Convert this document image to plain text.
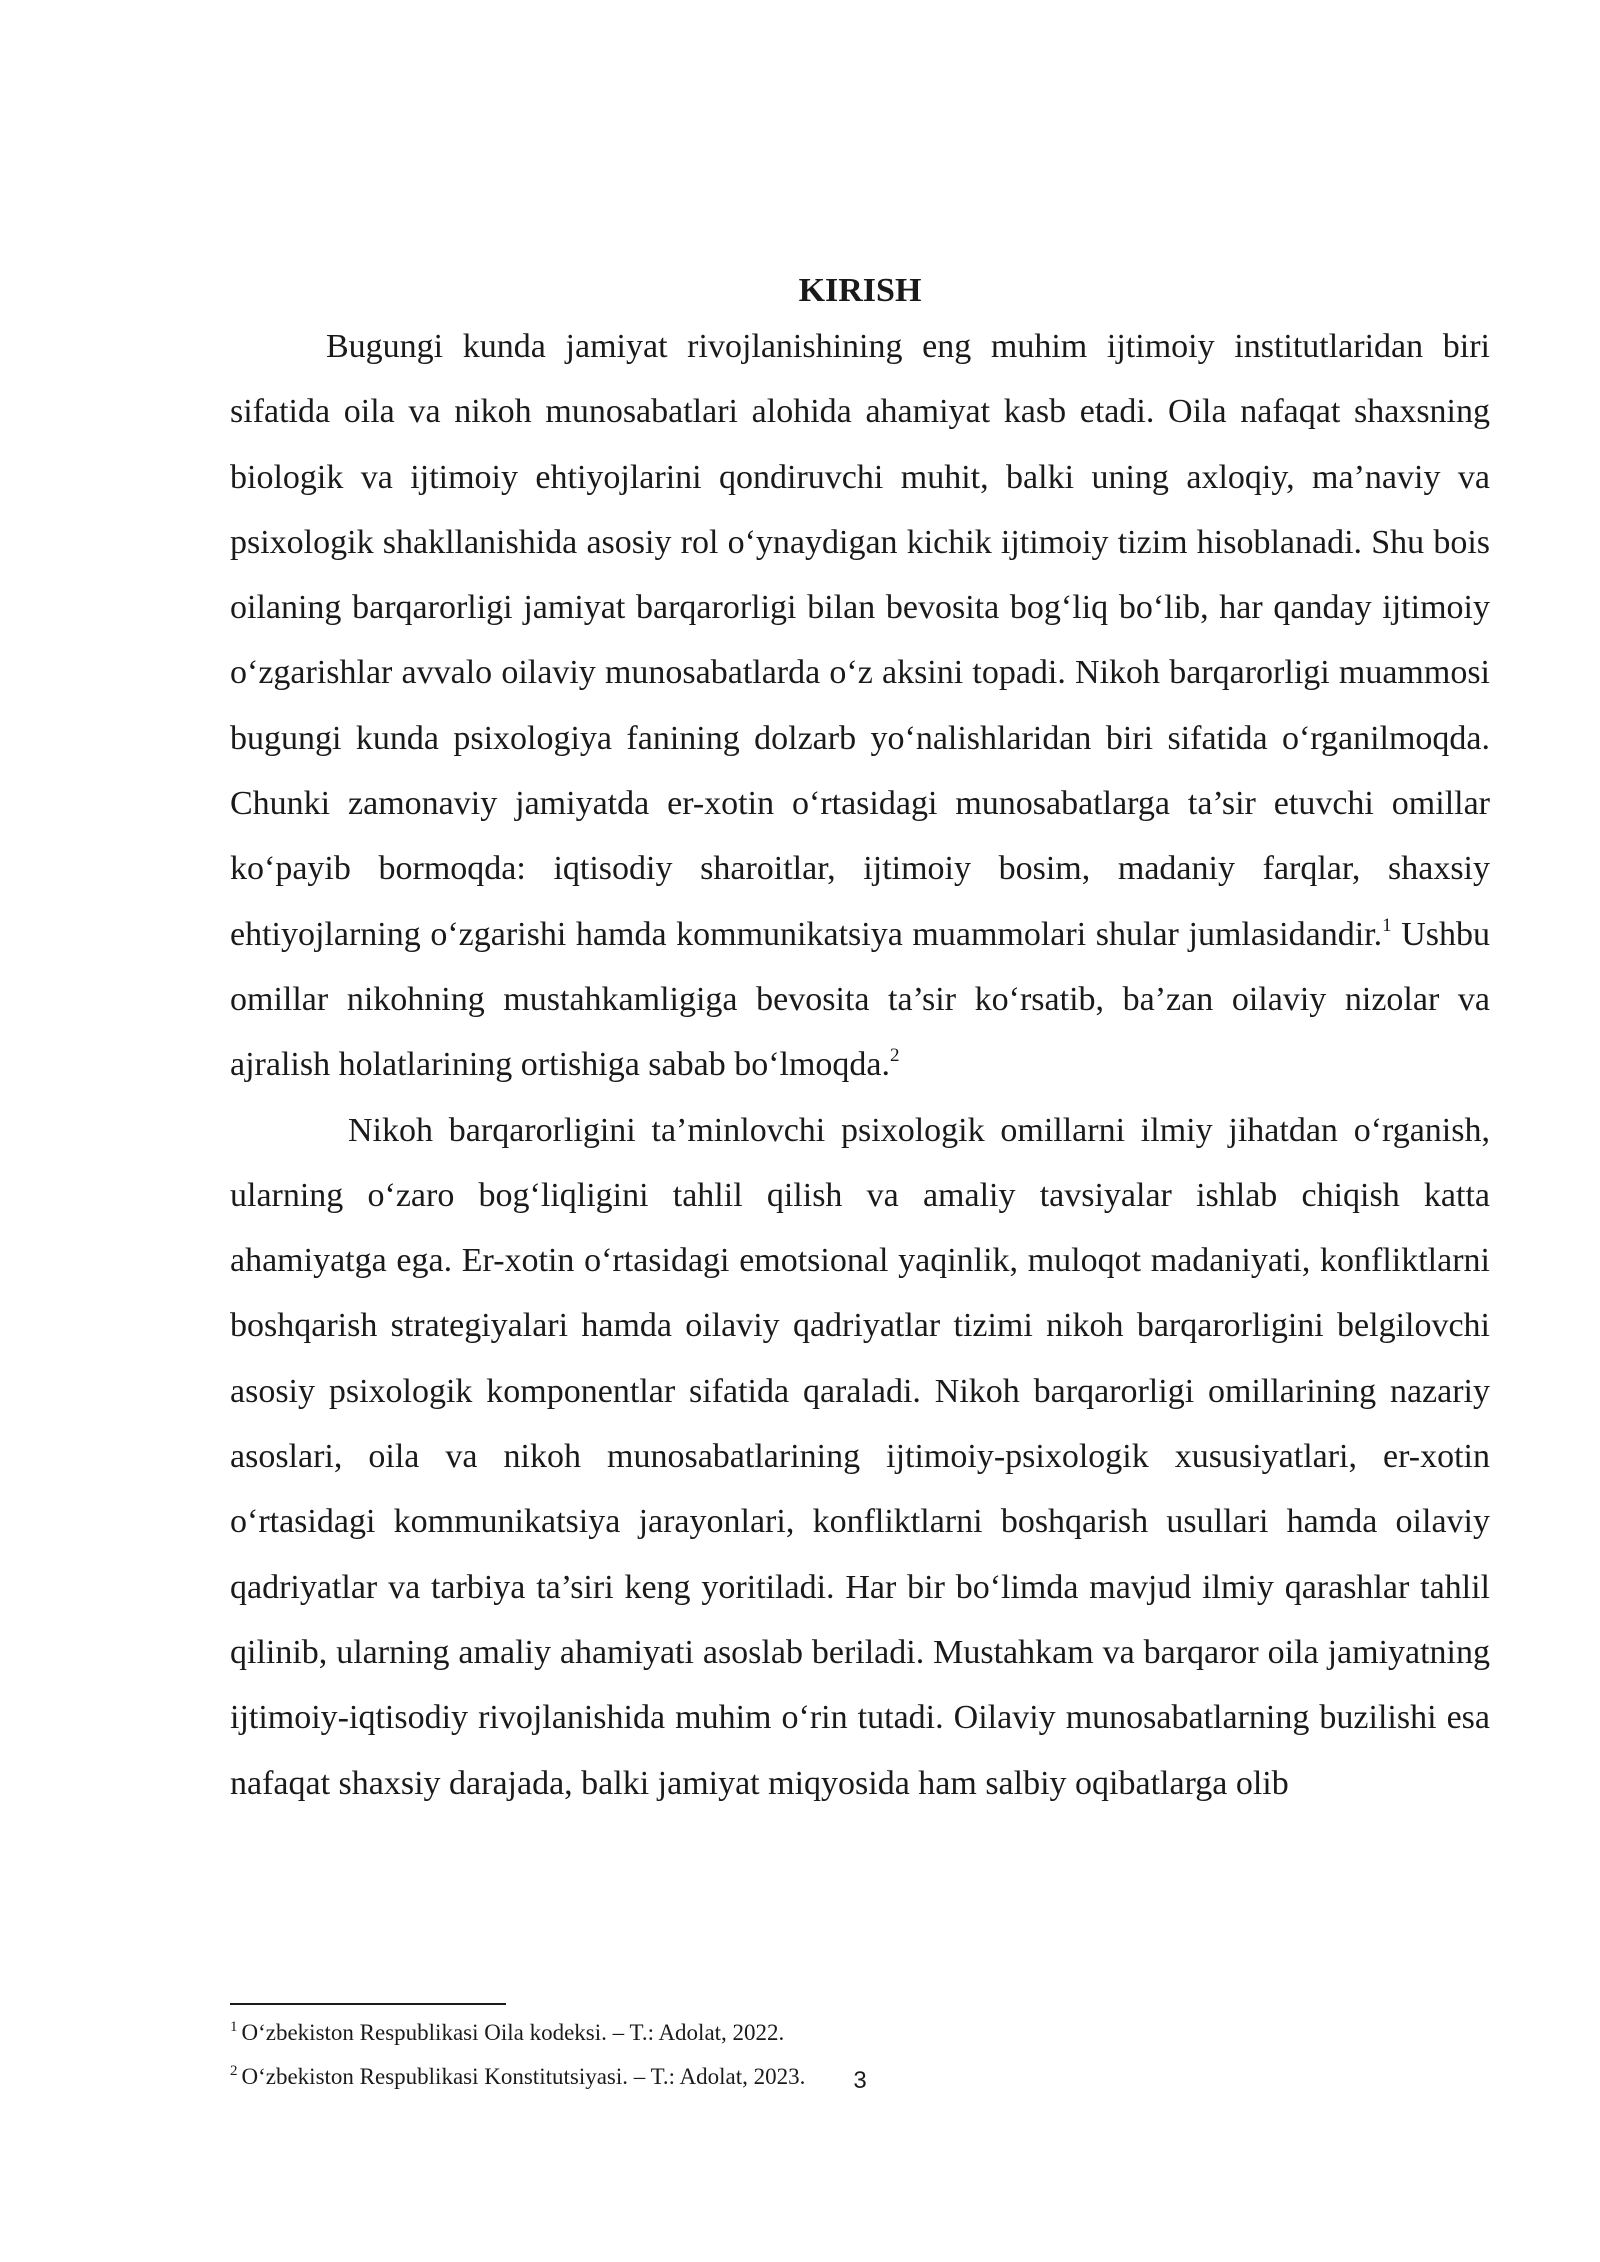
KIRISH

Bugungi kunda jamiyat rivojlanishining eng muhim ijtimoiy institutlaridan biri sifatida oila va nikoh munosabatlari alohida ahamiyat kasb etadi. Oila nafaqat shaxsning biologik va ijtimoiy ehtiyojlarini qondiruvchi muhit, balki uning axloqiy, ma’naviy va psixologik shakllanishida asosiy rol o‘ynaydigan kichik ijtimoiy tizim hisoblanadi. Shu bois oilaning barqarorligi jamiyat barqarorligi bilan bevosita bog‘liq bo‘lib, har qanday ijtimoiy o‘zgarishlar avvalo oilaviy munosabatlarda o‘z aksini topadi. Nikoh barqarorligi muammosi bugungi kunda psixologiya fanining dolzarb yo‘nalishlaridan biri sifatida o‘rganilmoqda. Chunki zamonaviy jamiyatda er-xotin o‘rtasidagi munosabatlarga ta’sir etuvchi omillar ko‘payib bormoqda: iqtisodiy sharoitlar, ijtimoiy bosim, madaniy farqlar, shaxsiy ehtiyojlarning o‘zgarishi hamda kommunikatsiya muammolari shular jumlasidandir.$^1$ Ushbu omillar nikohning mustahkamligiga bevosita ta’sir ko‘rsatib, ba’zan oilaviy nizolar va ajralish holatlarining ortishiga sabab bo‘lmoqda.$^2$

Nikoh barqarorligini ta’minlovchi psixologik omillarni ilmiy jihatdan o‘rganish, ularning o‘zaro bog‘liqligini tahlil qilish va amaliy tavsiyalar ishlab chiqish katta ahamiyatga ega. Er-xotin o‘rtasidagi emotsional yaqinlik, muloqot madaniyati, konfliktlarni boshqarish strategiyalari hamda oilaviy qadriyatlar tizimi nikoh barqarorligini belgilovchi asosiy psixologik komponentlar sifatida qaraladi. Nikoh barqarorligi omillarining nazariy asoslari, oila va nikoh munosabatlarining ijtimoiy-psixologik xususiyatlari, er-xotin o‘rtasidagi kommunikatsiya jarayonlari, konfliktlarni boshqarish usullari hamda oilaviy qadriyatlar va tarbiya ta’siri keng yoritiladi. Har bir bo‘limda mavjud ilmiy qarashlar tahlil qilinib, ularning amaliy ahamiyati asoslab beriladi. Mustahkam va barqaror oila jamiyatning ijtimoiy-iqtisodiy rivojlanishida muhim o‘rin tutadi. Oilaviy munosabatlarning buzilishi esa nafaqat shaxsiy darajada, balki jamiyat miqyosida ham salbiy oqibatlarga olib

$^1$ O‘zbekiston Respublikasi Oila kodeksi. – T.: Adolat, 2022.

$^2$ O‘zbekiston Respublikasi Konstitutsiyasi. – T.: Adolat, 2023.	3
